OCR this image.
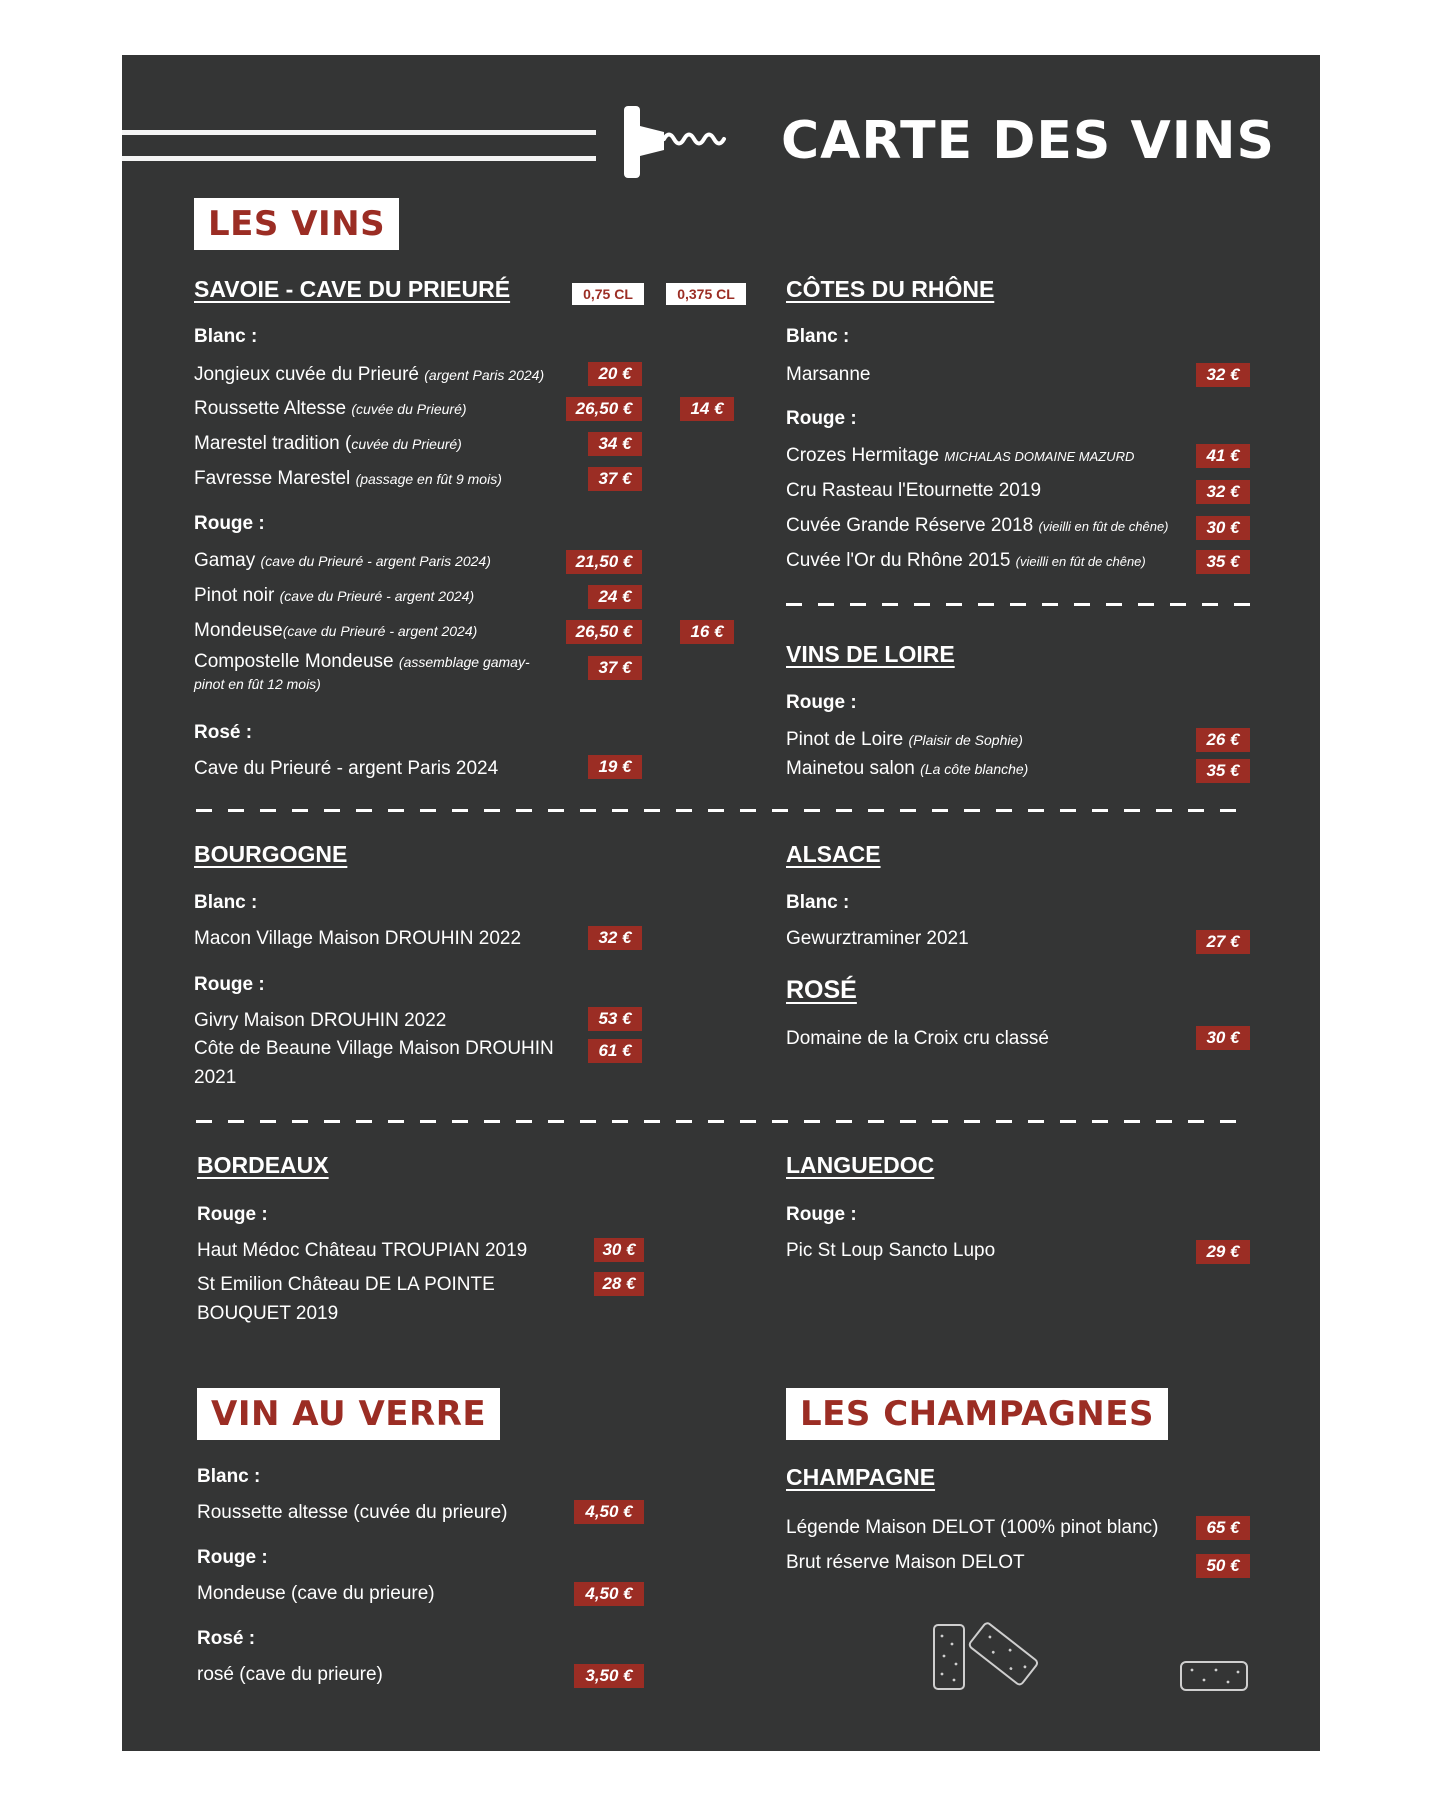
CARTE DES VINS
LES VINS
SAVOIE - CAVE DU PRIEURÉ	0,75 CL	0,375 CL
Blanc :
Jongieux cuvée du Prieuré (argent Paris 2024)	20 €
Roussette Altesse (cuvée du Prieuré)	26,50 €	14 €
Marestel tradition (cuvée du Prieuré)	34 €
Favresse Marestel (passage en fût 9 mois)	37 €
Rouge :
Gamay (cave du Prieuré - argent Paris 2024)	21,50 €
Pinot noir (cave du Prieuré - argent 2024)	24 €
Mondeuse(cave du Prieuré - argent 2024)	26,50 €	16 €
Compostelle Mondeuse (assemblage gamay-pinot en fût 12 mois)
37 €
Rosé :
Cave du Prieuré - argent Paris 2024	19 €
CÔTES DU RHÔNE
Blanc :
Marsanne	32 €
Rouge :
Crozes Hermitage MICHALAS DOMAINE MAZURD	41 €
Cru Rasteau l'Etournette 2019	32 €
Cuvée Grande Réserve 2018 (vieilli en fût de chêne)	30 €
Cuvée l'Or du Rhône 2015 (vieilli en fût de chêne)	35 €
VINS DE LOIRE
Rouge :
Pinot de Loire (Plaisir de Sophie)	26 €
Mainetou salon (La côte blanche)	35 €
BOURGOGNE
Blanc :
Macon Village Maison DROUHIN 2022	32 €
Rouge :
Givry Maison DROUHIN 2022	53 €
Côte de Beaune Village Maison DROUHIN 2021
61 €
ALSACE
Blanc :
Gewurztraminer 2021	27 €
ROSÉ
Domaine de la Croix cru classé	30 €
BORDEAUX
Rouge :
Haut Médoc Château TROUPIAN 2019	30 €
St Emilion Château DE LA POINTE BOUQUET 2019
28 €
LANGUEDOC
Rouge :
Pic St Loup Sancto Lupo	29 €
VIN AU VERRE
Blanc :
Roussette altesse (cuvée du prieure)	4,50 €
Rouge :
Mondeuse (cave du prieure)	4,50 €
Rosé :
rosé (cave du prieure)	3,50 €
LES CHAMPAGNES
CHAMPAGNE
Légende Maison DELOT (100% pinot blanc)	65 €
Brut réserve Maison DELOT	50 €
